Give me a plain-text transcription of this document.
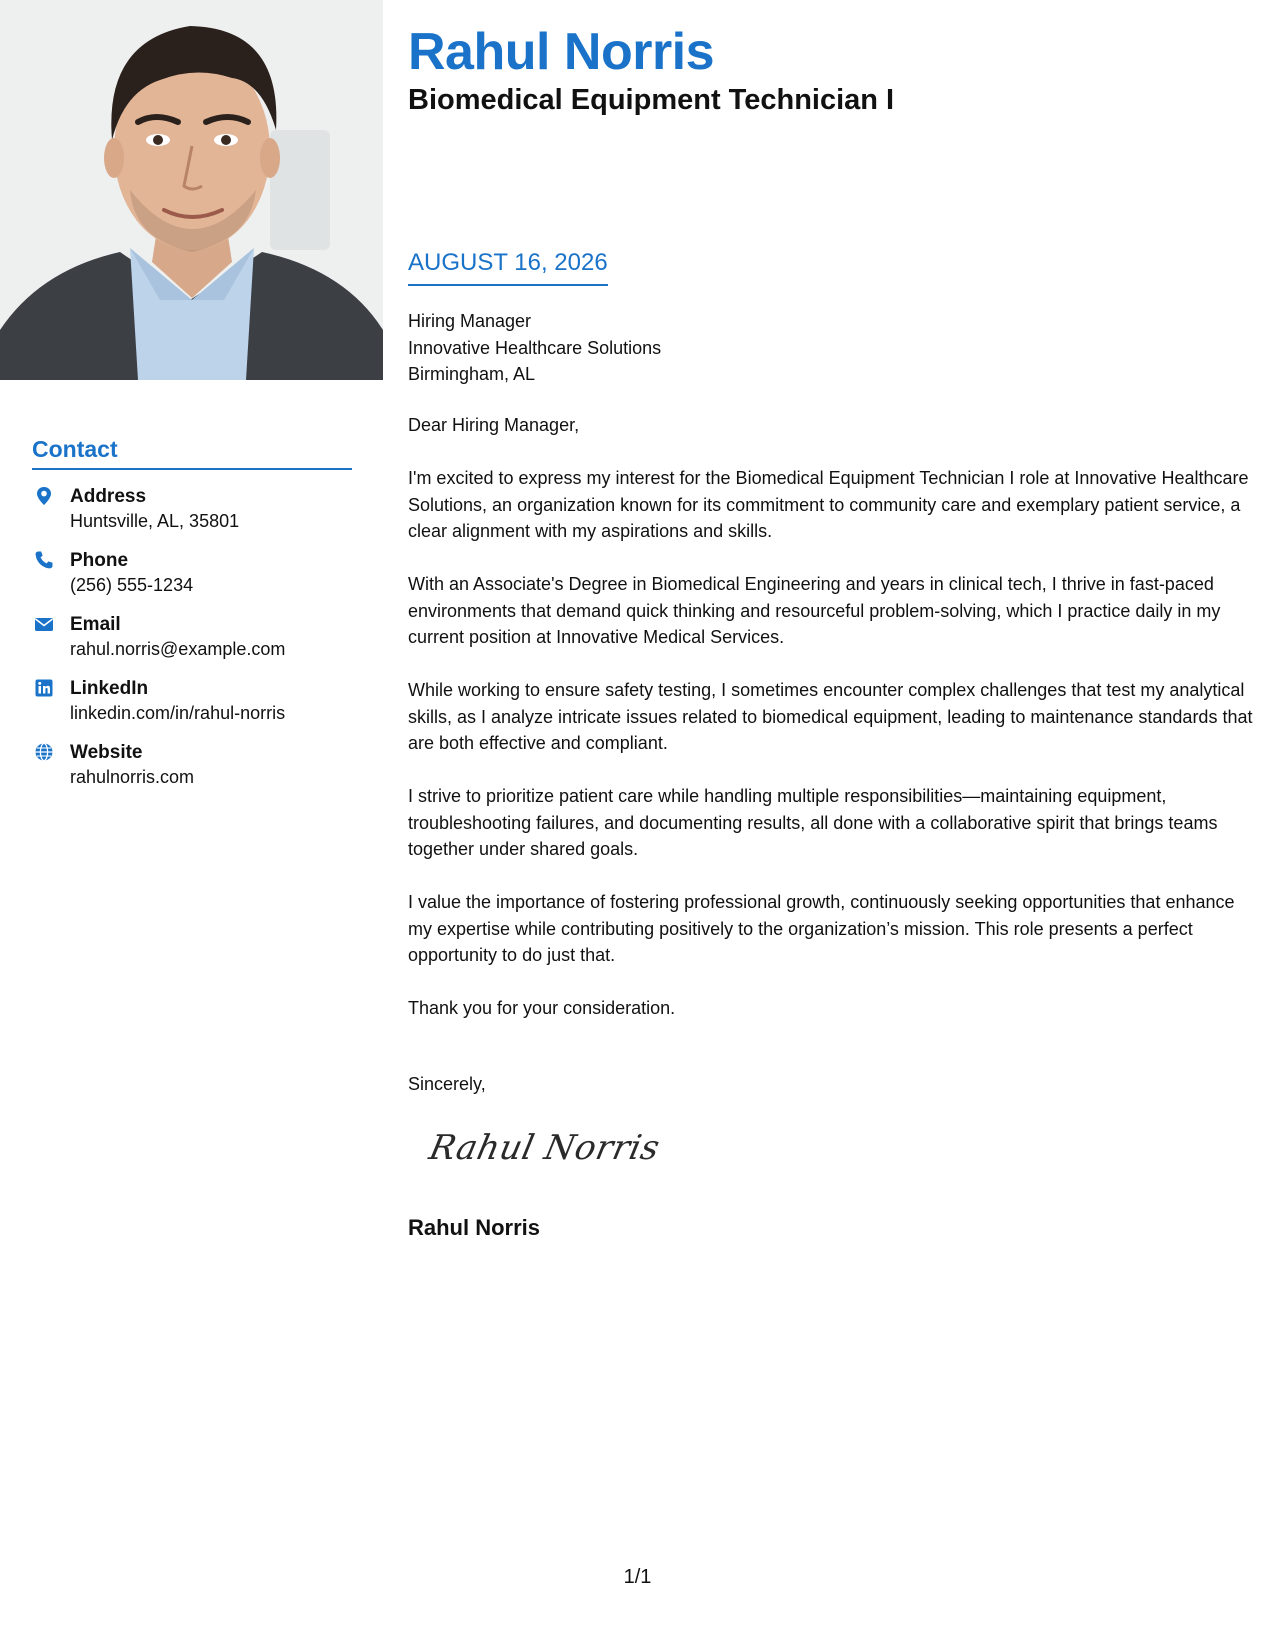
Contact
Address
Huntsville, AL, 35801
Phone
(256) 555-1234
Email
rahul.norris@example.com
LinkedIn
linkedin.com/in/rahul-norris
Website
rahulnorris.com
Rahul Norris
Biomedical Equipment Technician I
AUGUST 16, 2026
Hiring Manager
Innovative Healthcare Solutions
Birmingham, AL

Dear Hiring Manager,

I'm excited to express my interest for the Biomedical Equipment Technician I role at Innovative Healthcare Solutions, an organization known for its commitment to community care and exemplary patient service, a clear alignment with my aspirations and skills.

With an Associate's Degree in Biomedical Engineering and years in clinical tech, I thrive in fast-paced environments that demand quick thinking and resourceful problem-solving, which I practice daily in my current position at Innovative Medical Services.

While working to ensure safety testing, I sometimes encounter complex challenges that test my analytical skills, as I analyze intricate issues related to biomedical equipment, leading to maintenance standards that are both effective and compliant.

I strive to prioritize patient care while handling multiple responsibilities—maintaining equipment, troubleshooting failures, and documenting results, all done with a collaborative spirit that brings teams together under shared goals.

I value the importance of fostering professional growth, continuously seeking opportunities that enhance my expertise while contributing positively to the organization’s mission. This role presents a perfect opportunity to do just that.

Thank you for your consideration.

Sincerely,
Rahul Norris
Rahul Norris
1/1
